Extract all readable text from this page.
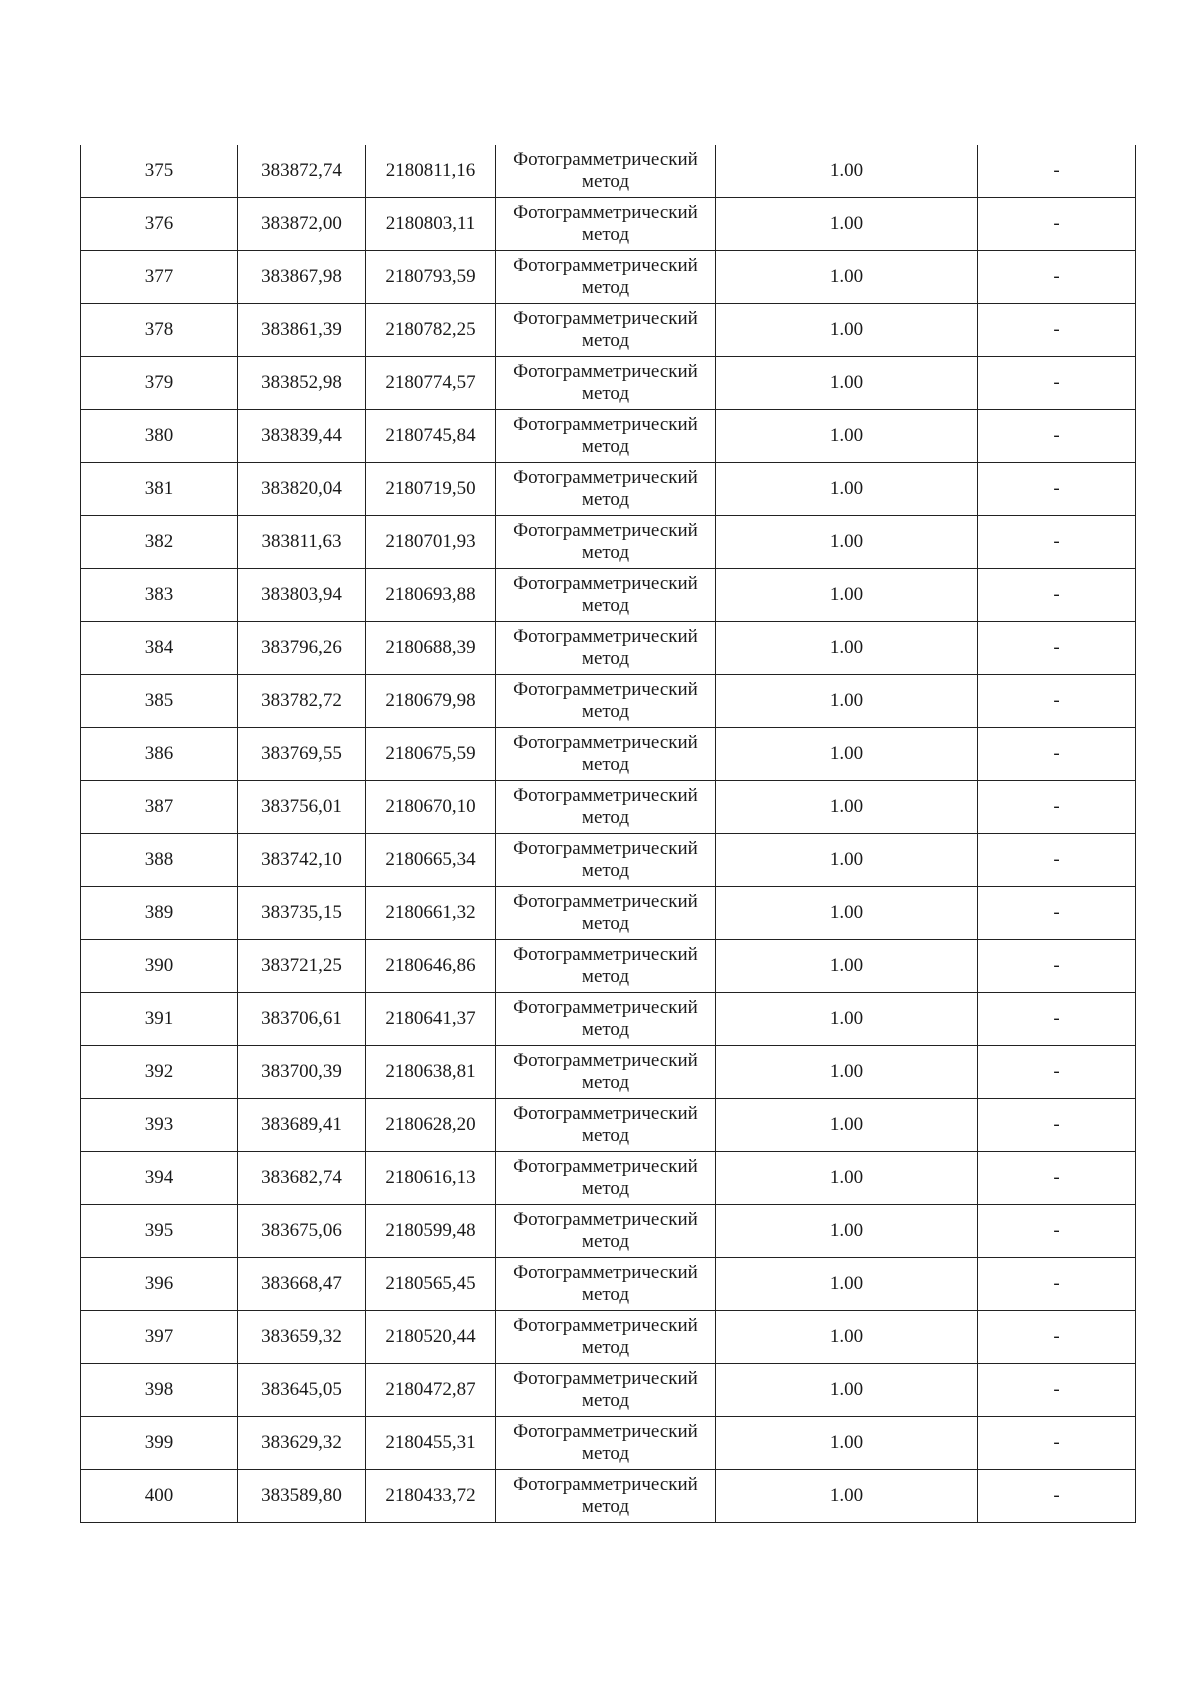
375	383872,74	2180811,16	Фотограмметрический метод	1.00	-
376	383872,00	2180803,11	Фотограмметрический метод	1.00	-
377	383867,98	2180793,59	Фотограмметрический метод	1.00	-
378	383861,39	2180782,25	Фотограмметрический метод	1.00	-
379	383852,98	2180774,57	Фотограмметрический метод	1.00	-
380	383839,44	2180745,84	Фотограмметрический метод	1.00	-
381	383820,04	2180719,50	Фотограмметрический метод	1.00	-
382	383811,63	2180701,93	Фотограмметрический метод	1.00	-
383	383803,94	2180693,88	Фотограмметрический метод	1.00	-
384	383796,26	2180688,39	Фотограмметрический метод	1.00	-
385	383782,72	2180679,98	Фотограмметрический метод	1.00	-
386	383769,55	2180675,59	Фотограмметрический метод	1.00	-
387	383756,01	2180670,10	Фотограмметрический метод	1.00	-
388	383742,10	2180665,34	Фотограмметрический метод	1.00	-
389	383735,15	2180661,32	Фотограмметрический метод	1.00	-
390	383721,25	2180646,86	Фотограмметрический метод	1.00	-
391	383706,61	2180641,37	Фотограмметрический метод	1.00	-
392	383700,39	2180638,81	Фотограмметрический метод	1.00	-
393	383689,41	2180628,20	Фотограмметрический метод	1.00	-
394	383682,74	2180616,13	Фотограмметрический метод	1.00	-
395	383675,06	2180599,48	Фотограмметрический метод	1.00	-
396	383668,47	2180565,45	Фотограмметрический метод	1.00	-
397	383659,32	2180520,44	Фотограмметрический метод	1.00	-
398	383645,05	2180472,87	Фотограмметрический метод	1.00	-
399	383629,32	2180455,31	Фотограмметрический метод	1.00	-
400	383589,80	2180433,72	Фотограмметрический метод	1.00	-
